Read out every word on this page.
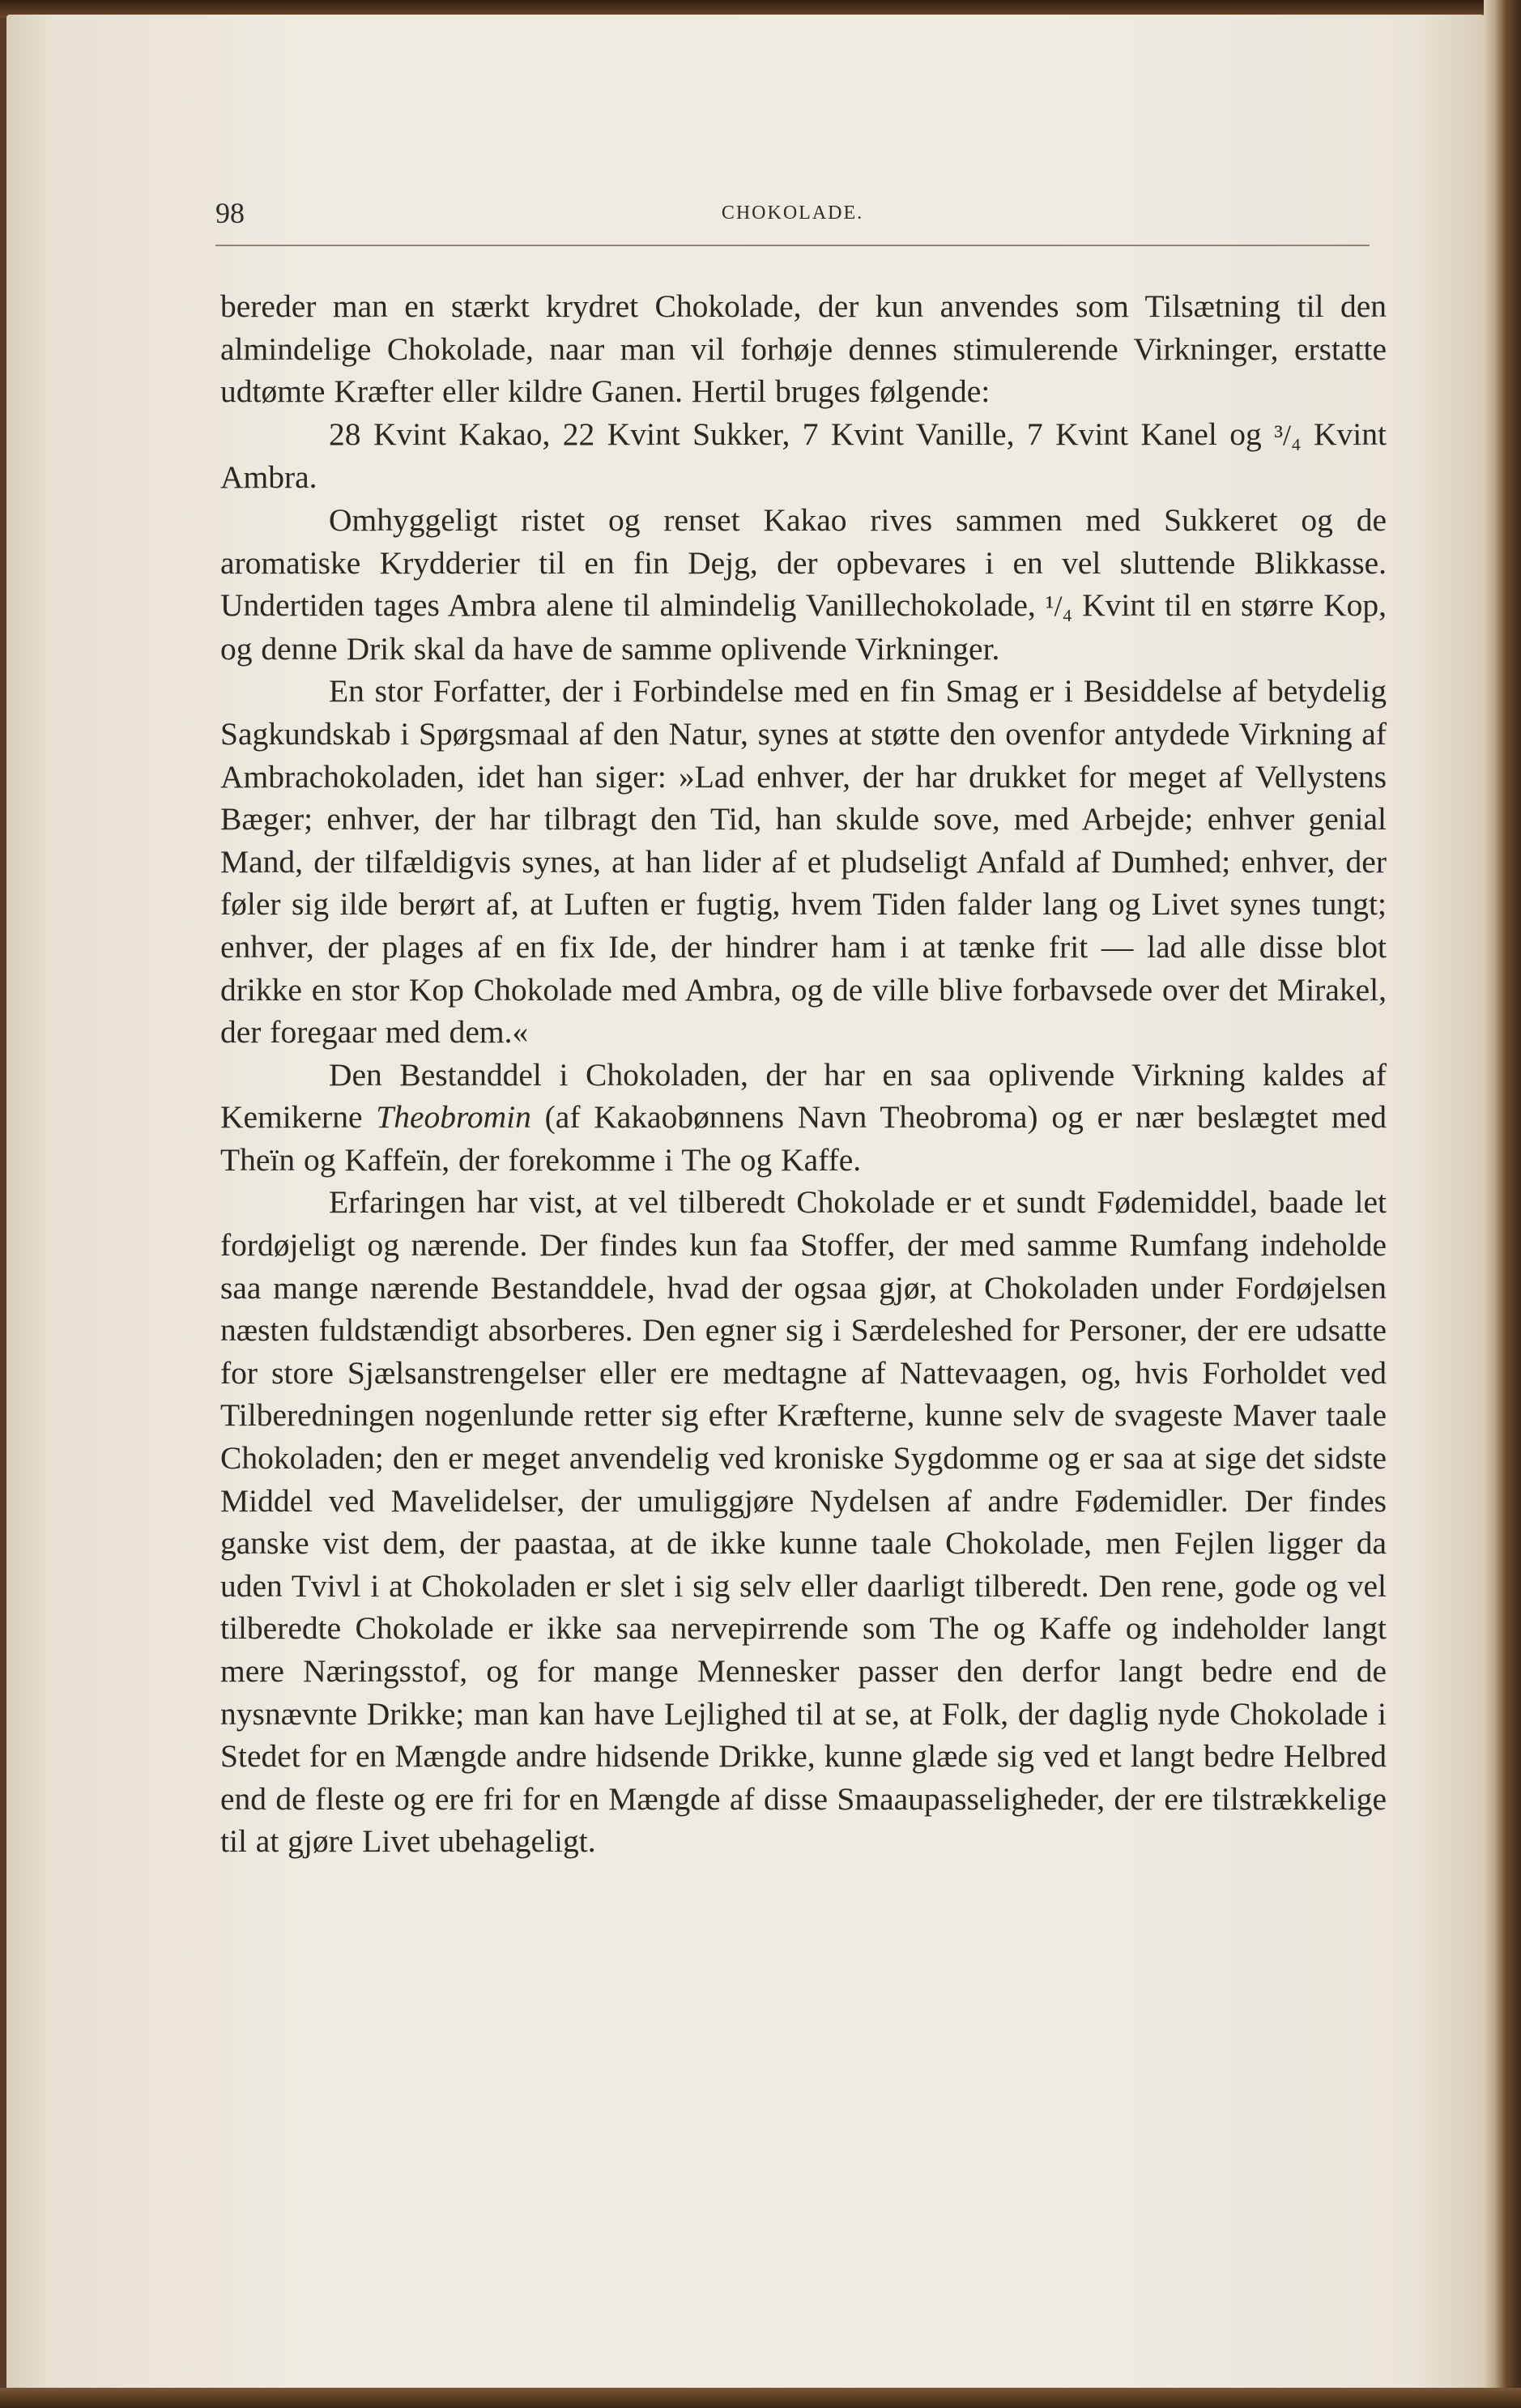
98	CHOKOLADE.

bereder man en stærkt krydret Chokolade, der kun anvendes som Tilsætning til den almindelige Chokolade, naar man vil forhøje dennes stimulerende Virkninger, erstatte udtømte Kræfter eller kildre Ganen. Hertil bruges følgende:

28 Kvint Kakao, 22 Kvint Sukker, 7 Kvint Vanille, 7 Kvint Kanel og ³/₄ Kvint Ambra.

Omhyggeligt ristet og renset Kakao rives sammen med Sukkeret og de aromatiske Krydderier til en fin Dejg, der opbevares i en vel sluttende Blikkasse. Undertiden tages Ambra alene til almindelig Vanillechokolade, ¹/₄ Kvint til en større Kop, og denne Drik skal da have de samme oplivende Virkninger.

En stor Forfatter, der i Forbindelse med en fin Smag er i Besiddelse af betydelig Sagkundskab i Spørgsmaal af den Natur, synes at støtte den ovenfor antydede Virkning af Ambrachokoladen, idet han siger: »Lad enhver, der har drukket for meget af Vellystens Bæger; enhver, der har tilbragt den Tid, han skulde sove, med Arbejde; enhver genial Mand, der tilfældigvis synes, at han lider af et pludseligt Anfald af Dumhed; enhver, der føler sig ilde berørt af, at Luften er fugtig, hvem Tiden falder lang og Livet synes tungt; enhver, der plages af en fix Ide, der hindrer ham i at tænke frit — lad alle disse blot drikke en stor Kop Chokolade med Ambra, og de ville blive forbavsede over det Mirakel, der foregaar med dem.«

Den Bestanddel i Chokoladen, der har en saa oplivende Virkning kaldes af Kemikerne Theobromin (af Kakaobønnens Navn Theobroma) og er nær beslægtet med Theïn og Kaffeïn, der forekomme i The og Kaffe.

Erfaringen har vist, at vel tilberedt Chokolade er et sundt Fødemiddel, baade let fordøjeligt og nærende. Der findes kun faa Stoffer, der med samme Rumfang indeholde saa mange nærende Bestanddele, hvad der ogsaa gjør, at Chokoladen under Fordøjelsen næsten fuldstændigt absorberes. Den egner sig i Særdeleshed for Personer, der ere udsatte for store Sjælsanstrengelser eller ere medtagne af Nattevaagen, og, hvis Forholdet ved Tilberedningen nogenlunde retter sig efter Kræfterne, kunne selv de svageste Maver taale Chokoladen; den er meget anvendelig ved kroniske Sygdomme og er saa at sige det sidste Middel ved Mavelidelser, der umuliggjøre Nydelsen af andre Fødemidler. Der findes ganske vist dem, der paastaa, at de ikke kunne taale Chokolade, men Fejlen ligger da uden Tvivl i at Chokoladen er slet i sig selv eller daarligt tilberedt. Den rene, gode og vel tilberedte Chokolade er ikke saa nervepirrende som The og Kaffe og indeholder langt mere Næringsstof, og for mange Mennesker passer den derfor langt bedre end de nysnævnte Drikke; man kan have Lejlighed til at se, at Folk, der daglig nyde Chokolade i Stedet for en Mængde andre hidsende Drikke, kunne glæde sig ved et langt bedre Helbred end de fleste og ere fri for en Mængde af disse Smaaupasseligheder, der ere tilstrækkelige til at gjøre Livet ubehageligt.
